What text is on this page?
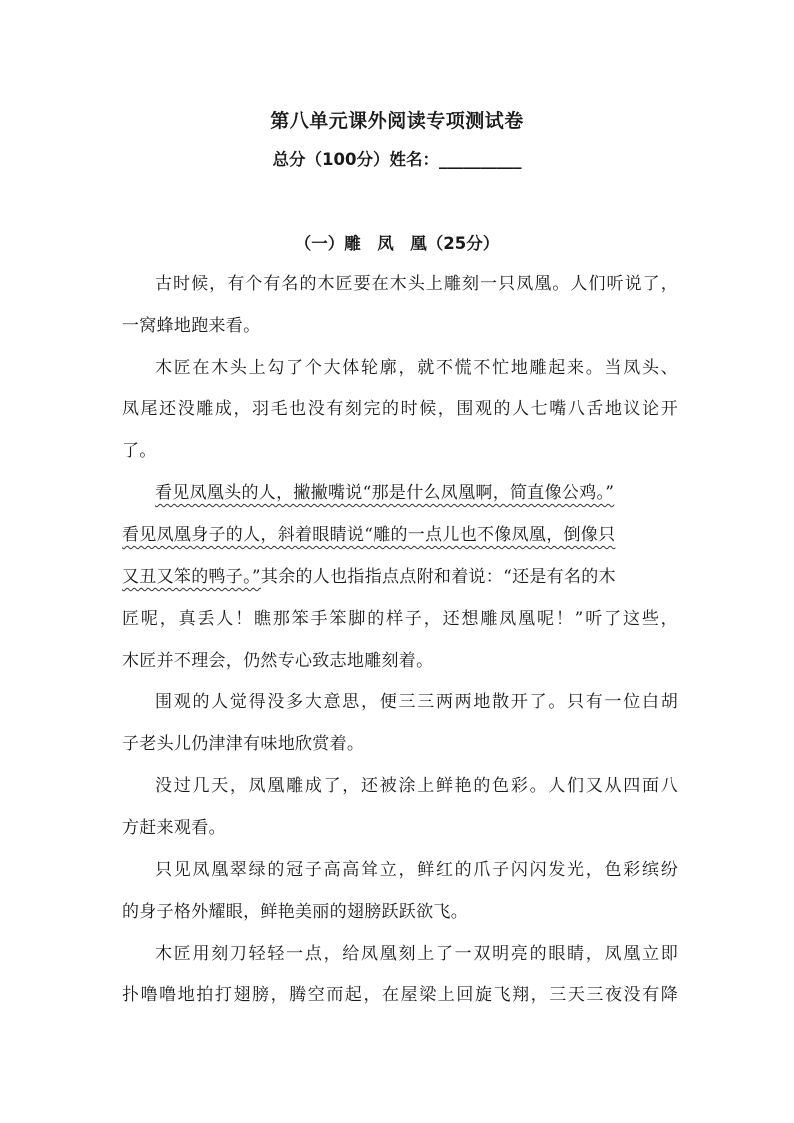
第八单元课外阅读专项测试卷
总分（100分）姓名：__________
（一）雕　凤　凰（25分）
古时候，有个有名的木匠要在木头上雕刻一只凤凰。人们听说了，
一窝蜂地跑来看。
木匠在木头上勾了个大体轮廓，就不慌不忙地雕起来。当凤头、
凤尾还没雕成，羽毛也没有刻完的时候，围观的人七嘴八舌地议论开
了。
看见凤凰头的人，撇撇嘴说“那是什么凤凰啊，简直像公鸡。”
看见凤凰身子的人，斜着眼睛说“雕的一点儿也不像凤凰，倒像只
又丑又笨的鸭子。”其余的人也指指点点附和着说：“还是有名的木
匠呢，真丢人！瞧那笨手笨脚的样子，还想雕凤凰呢！”听了这些，
木匠并不理会，仍然专心致志地雕刻着。
围观的人觉得没多大意思，便三三两两地散开了。只有一位白胡
子老头儿仍津津有味地欣赏着。
没过几天，凤凰雕成了，还被涂上鲜艳的色彩。人们又从四面八
方赶来观看。
只见凤凰翠绿的冠子高高耸立，鲜红的爪子闪闪发光，色彩缤纷
的身子格外耀眼，鲜艳美丽的翅膀跃跃欲飞。
木匠用刻刀轻轻一点，给凤凰刻上了一双明亮的眼睛，凤凰立即
扑噜噜地拍打翅膀，腾空而起，在屋梁上回旋飞翔，三天三夜没有降
